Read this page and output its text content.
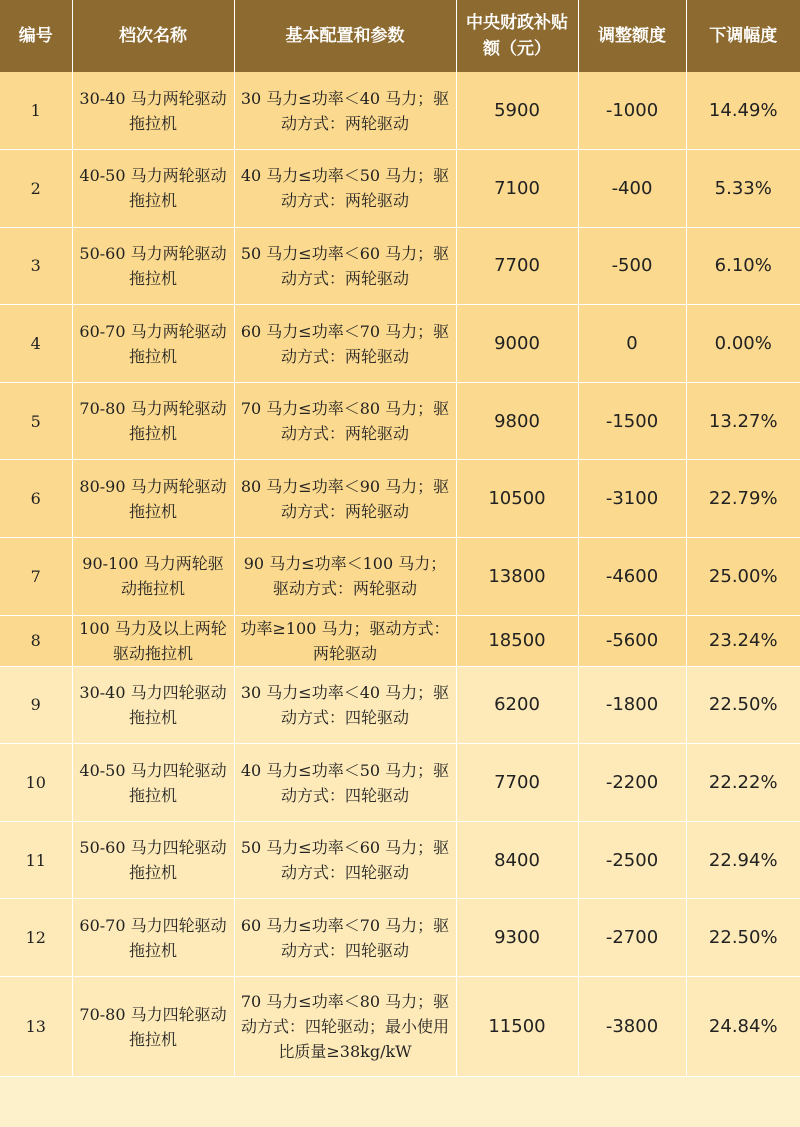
编号	档次名称	基本配置和参数	中央财政补贴额（元）	调整额度	下调幅度
1	30-40 马力两轮驱动拖拉机	30 马力≤功率＜40 马力；驱动方式：两轮驱动	5900	-1000	14.49%
2	40-50 马力两轮驱动拖拉机	40 马力≤功率＜50 马力；驱动方式：两轮驱动	7100	-400	5.33%
3	50-60 马力两轮驱动拖拉机	50 马力≤功率＜60 马力；驱动方式：两轮驱动	7700	-500	6.10%
4	60-70 马力两轮驱动拖拉机	60 马力≤功率＜70 马力；驱动方式：两轮驱动	9000	0	0.00%
5	70-80 马力两轮驱动拖拉机	70 马力≤功率＜80 马力；驱动方式：两轮驱动	9800	-1500	13.27%
6	80-90 马力两轮驱动拖拉机	80 马力≤功率＜90 马力；驱动方式：两轮驱动	10500	-3100	22.79%
7	90-100 马力两轮驱动拖拉机	90 马力≤功率＜100 马力；驱动方式：两轮驱动	13800	-4600	25.00%
8	100 马力及以上两轮驱动拖拉机	功率≥100 马力；驱动方式：两轮驱动	18500	-5600	23.24%
9	30-40 马力四轮驱动拖拉机	30 马力≤功率＜40 马力；驱动方式：四轮驱动	6200	-1800	22.50%
10	40-50 马力四轮驱动拖拉机	40 马力≤功率＜50 马力；驱动方式：四轮驱动	7700	-2200	22.22%
11	50-60 马力四轮驱动拖拉机	50 马力≤功率＜60 马力；驱动方式：四轮驱动	8400	-2500	22.94%
12	60-70 马力四轮驱动拖拉机	60 马力≤功率＜70 马力；驱动方式：四轮驱动	9300	-2700	22.50%
13	70-80 马力四轮驱动拖拉机	70 马力≤功率＜80 马力；驱动方式：四轮驱动；最小使用比质量≥38kg/kW	11500	-3800	24.84%
